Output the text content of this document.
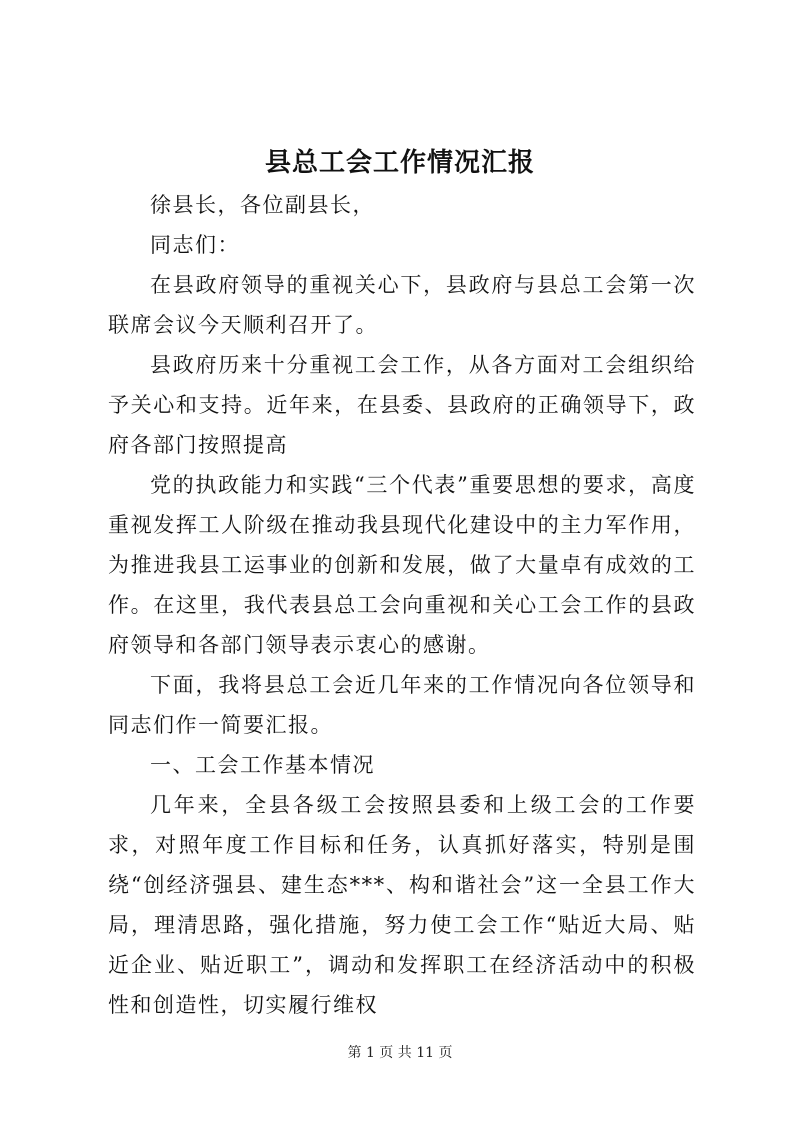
县总工会工作情况汇报

徐县长，各位副县长，

同志们：

在县政府领导的重视关心下，县政府与县总工会第一次联席会议今天顺利召开了。

县政府历来十分重视工会工作，从各方面对工会组织给予关心和支持。近年来，在县委、县政府的正确领导下，政府各部门按照提高

党的执政能力和实践“三个代表”重要思想的要求，高度重视发挥工人阶级在推动我县现代化建设中的主力军作用，为推进我县工运事业的创新和发展，做了大量卓有成效的工作。在这里，我代表县总工会向重视和关心工会工作的县政府领导和各部门领导表示衷心的感谢。

下面，我将县总工会近几年来的工作情况向各位领导和同志们作一简要汇报。

一、工会工作基本情况

几年来，全县各级工会按照县委和上级工会的工作要求，对照年度工作目标和任务，认真抓好落实，特别是围绕“创经济强县、建生态***、构和谐社会”这一全县工作大局，理清思路，强化措施，努力使工会工作“贴近大局、贴近企业、贴近职工”，调动和发挥职工在经济活动中的积极性和创造性，切实履行维权

第 1 页 共 11 页
